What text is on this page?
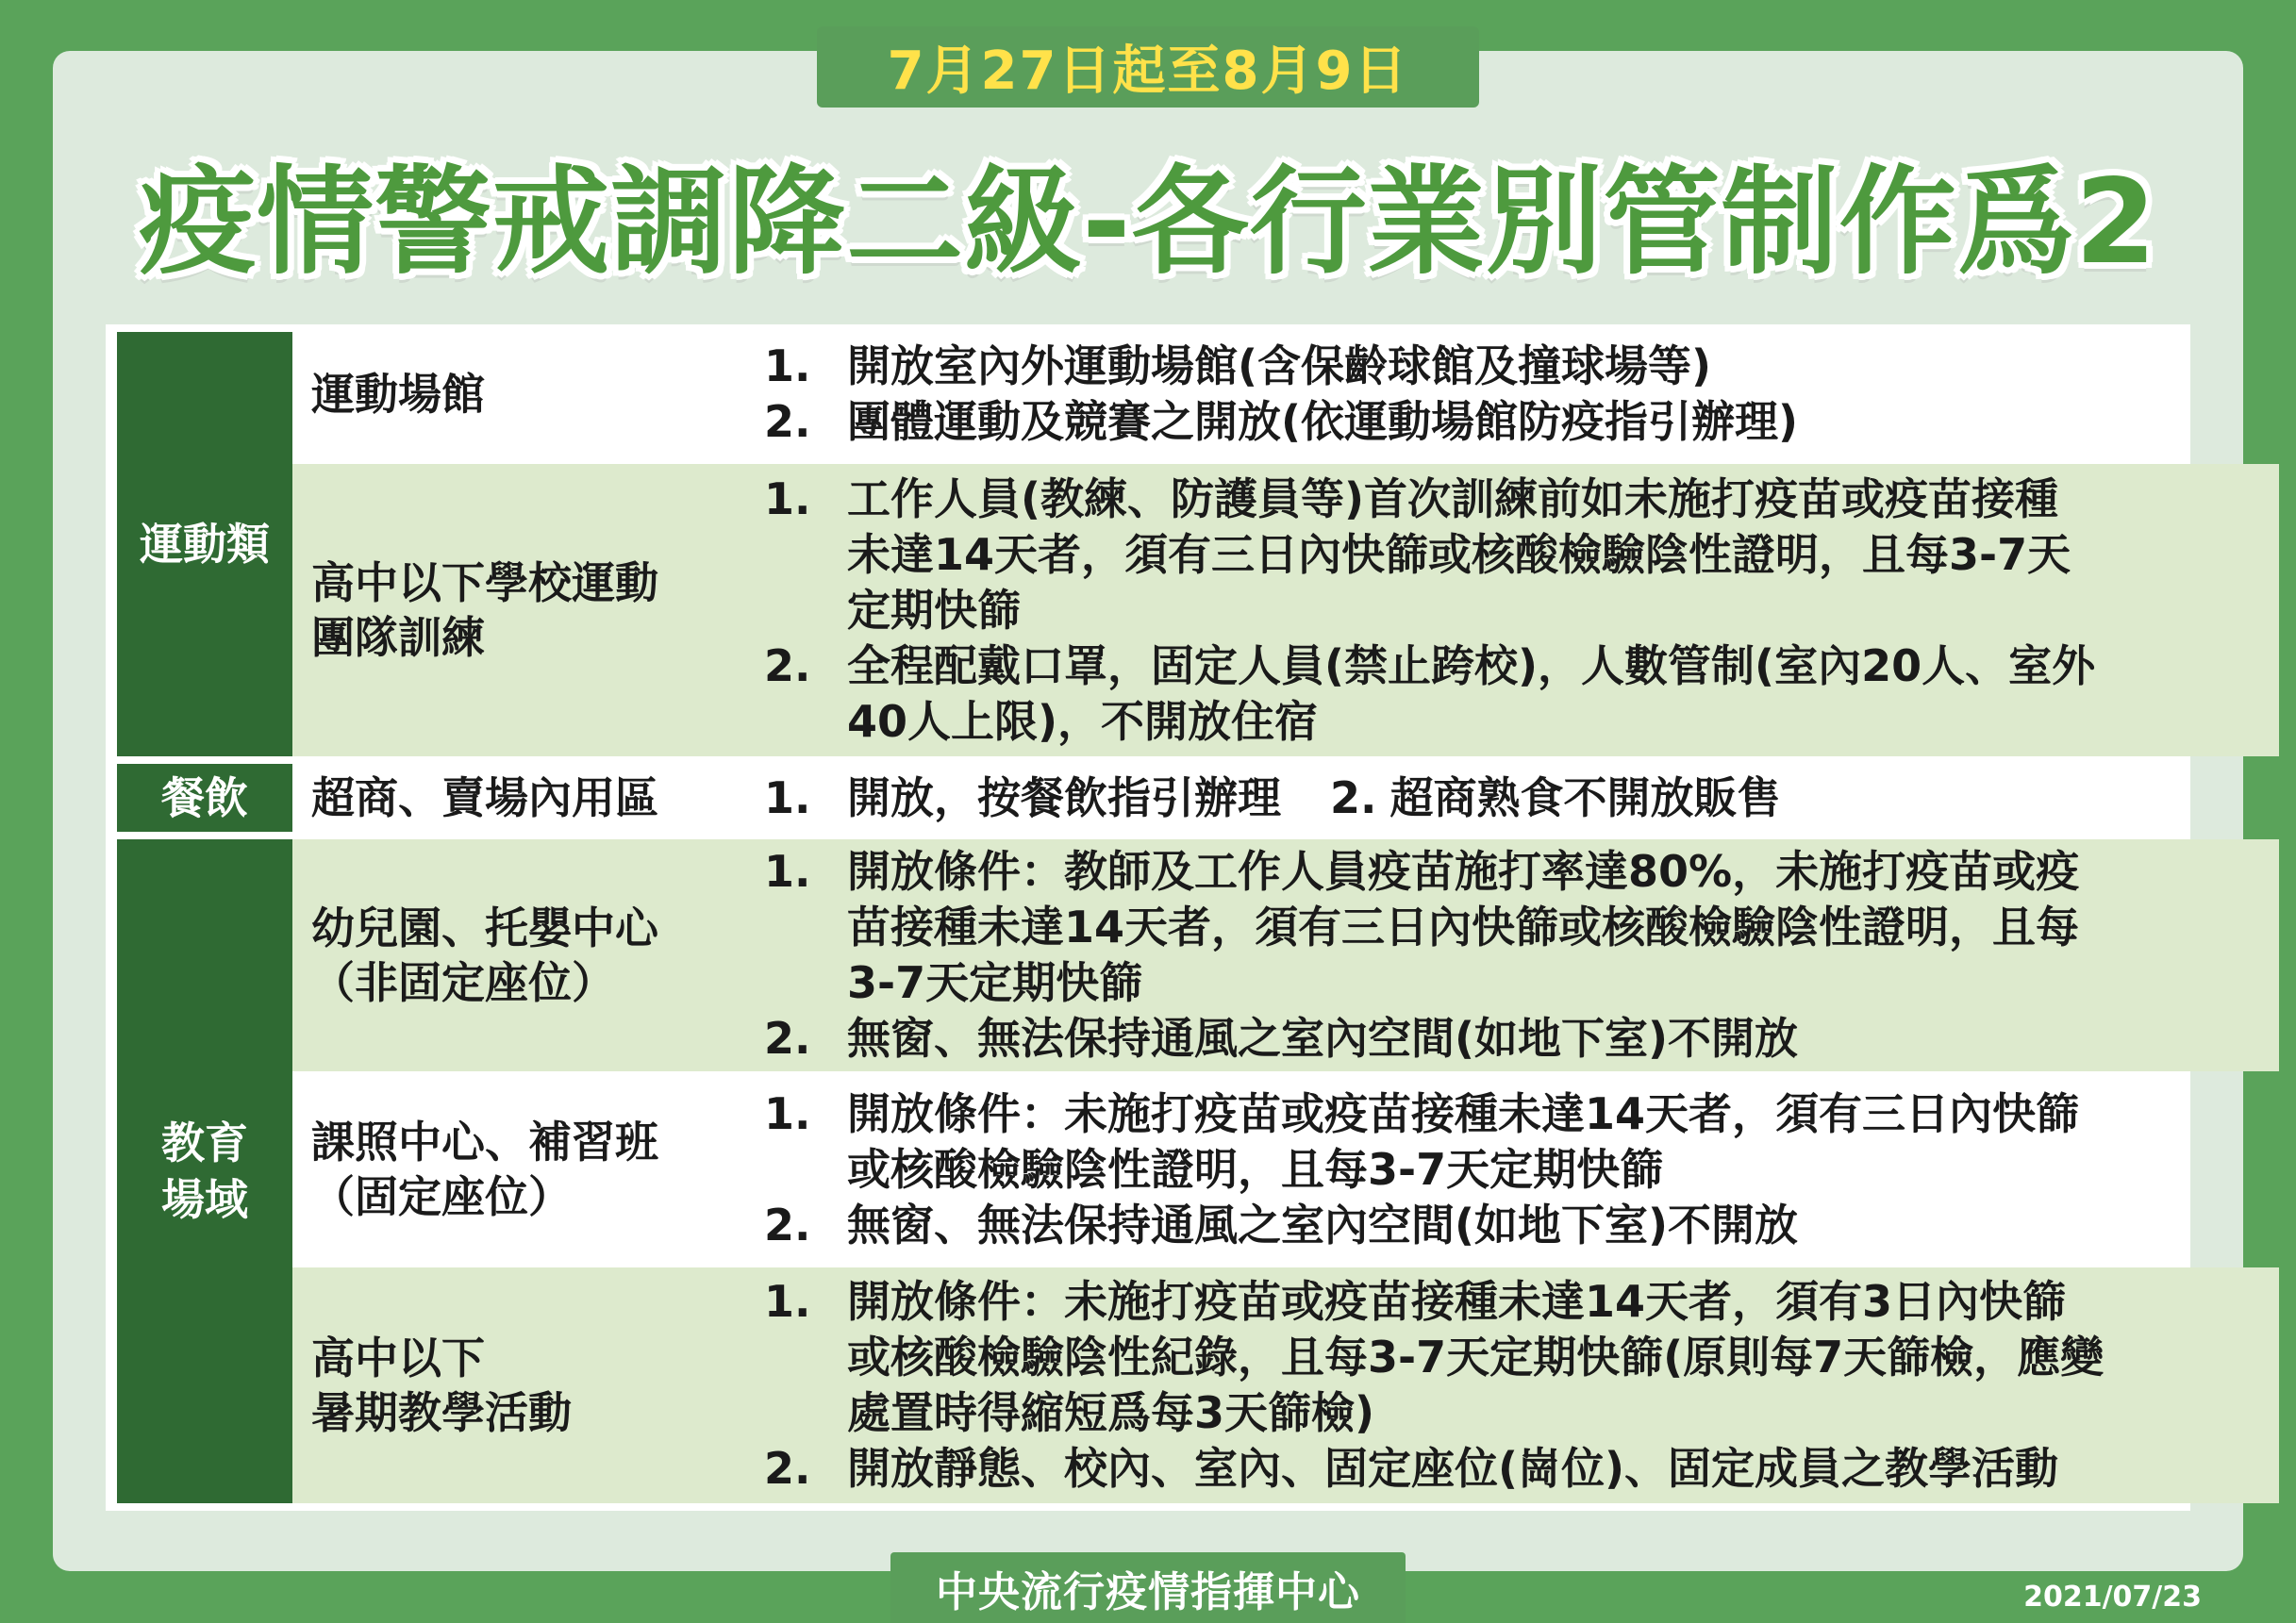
7月27日起至8月9日
疫情警戒調降二級-各行業別管制作爲2
運動類
餐飲
教育
場域
運動場館
1. 開放室內外運動場館(含保齡球館及撞球場等)
2. 團體運動及競賽之開放(依運動場館防疫指引辦理)
高中以下學校運動
團隊訓練
1. 工作人員(教練、防護員等)首次訓練前如未施打疫苗或疫苗接種
未達14天者，須有三日內快篩或核酸檢驗陰性證明，且每3-7天
定期快篩
2. 全程配戴口罩，固定人員(禁止跨校)，人數管制(室內20人、室外
40人上限)，不開放住宿
超商、賣場內用區	1. 開放，按餐飲指引辦理 2. 超商熟食不開放販售
幼兒園、托嬰中心
（非固定座位）
1. 開放條件：教師及工作人員疫苗施打率達80%，未施打疫苗或疫
苗接種未達14天者，須有三日內快篩或核酸檢驗陰性證明，且每
3-7天定期快篩
2. 無窗、無法保持通風之室內空間(如地下室)不開放
課照中心、補習班
（固定座位）
1. 開放條件：未施打疫苗或疫苗接種未達14天者，須有三日內快篩
或核酸檢驗陰性證明，且每3-7天定期快篩
2. 無窗、無法保持通風之室內空間(如地下室)不開放
高中以下
暑期教學活動
1. 開放條件：未施打疫苗或疫苗接種未達14天者，須有3日內快篩
或核酸檢驗陰性紀錄，且每3-7天定期快篩(原則每7天篩檢，應變
處置時得縮短爲每3天篩檢)
2. 開放靜態、校內、室內、固定座位(崗位)、固定成員之教學活動
中央流行疫情指揮中心	2021/07/23
